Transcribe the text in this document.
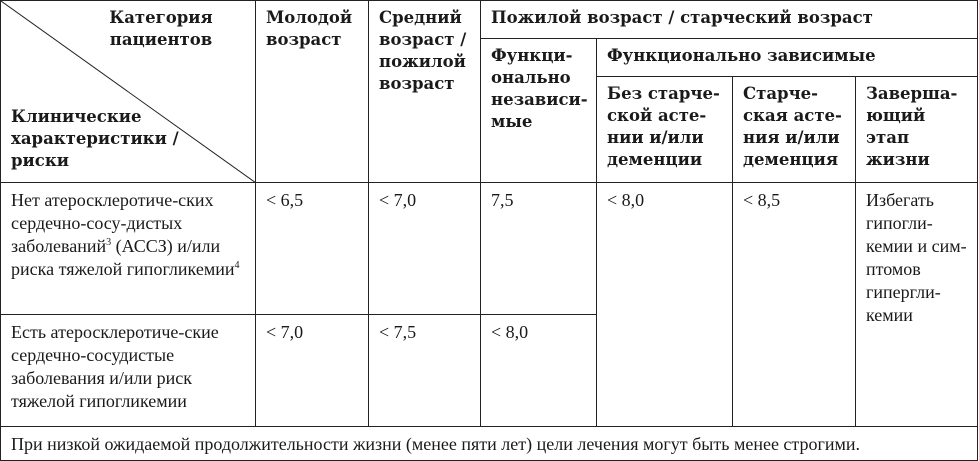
Категория пациентов
Клинические характеристики / риски	Молодой возраст	Средний возраст / пожилой возраст	Пожилой возраст / старческий возраст			
			Функци-онально независи-мые	Функционально зависимые		
				Без старче-ской асте-нии и/или деменции	Старче-ская асте-ния и/или деменция	Заверша-ющий этап жизни
Нет атеросклеротиче-ских сердечно-сосу-дистых заболеваний$^3$ (АССЗ) и/или риска тяжелой гипогликемии$^4$	< 6,5	< 7,0	7,5	< 8,0	< 8,5	Избегать гипогли-кемии и сим-птомов гипергли-кемии
Есть атеросклеротиче-ские сердечно-сосудистые заболевания и/или риск тяжелой гипогликемии	< 7,0	< 7,5	< 8,0			
При низкой ожидаемой продолжительности жизни (менее пяти лет) цели лечения могут быть менее строгими.						
